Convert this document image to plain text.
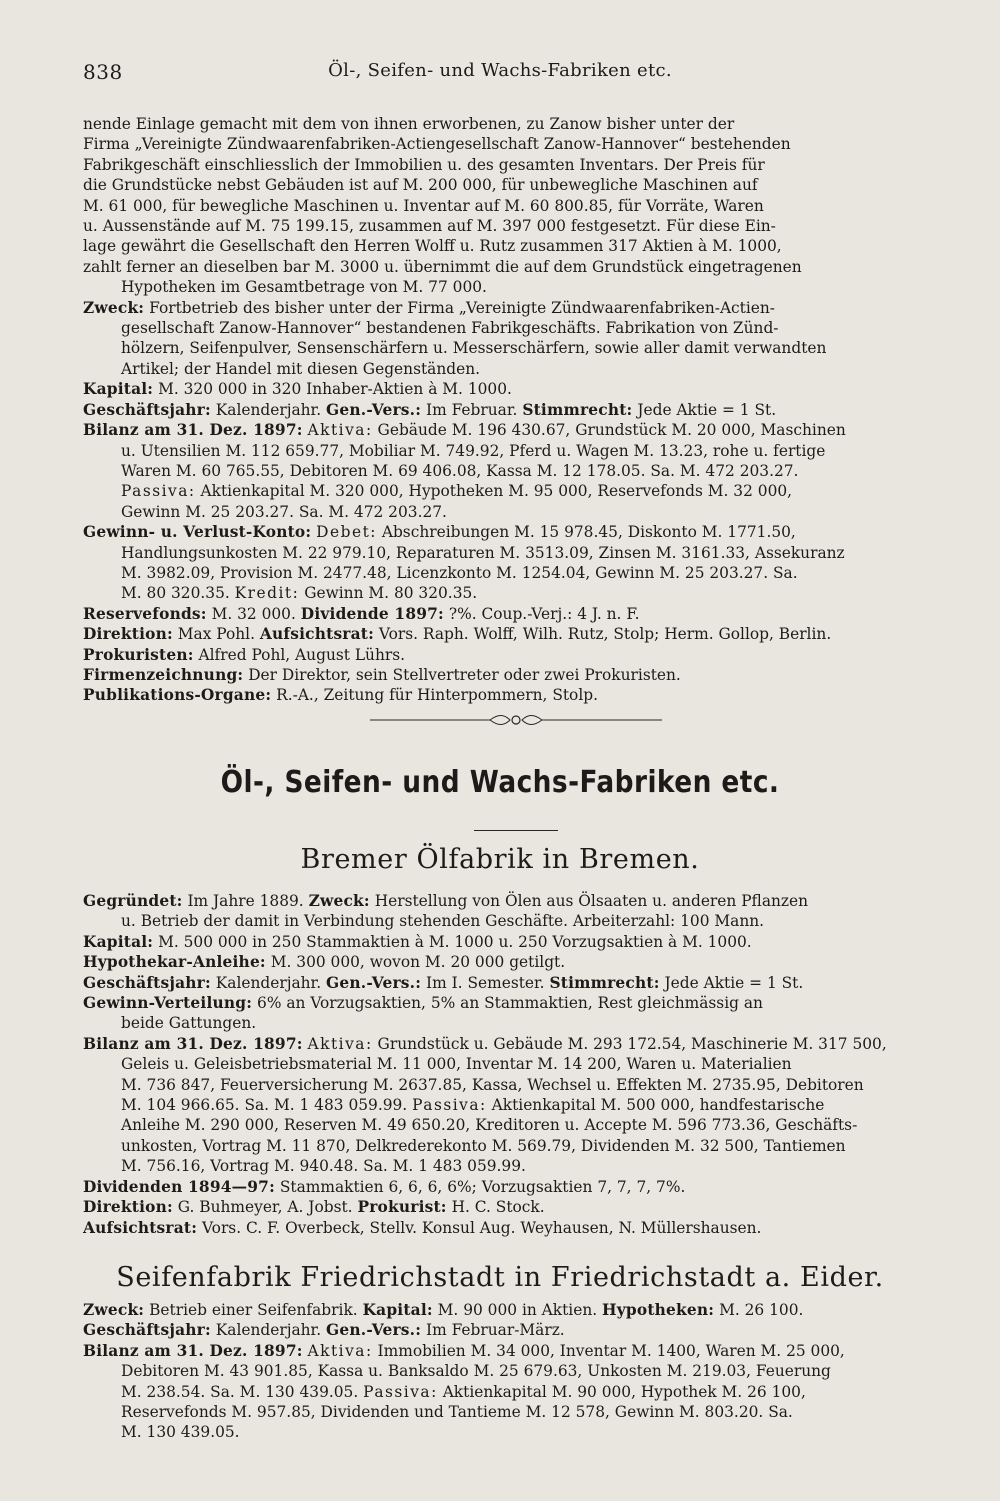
838	Öl-, Seifen- und Wachs-Fabriken etc.

nende Einlage gemacht mit dem von ihnen erworbenen, zu Zanow bisher unter der

Firma „Vereinigte Zündwaarenfabriken-Actiengesellschaft Zanow-Hannover“ bestehenden

Fabrikgeschäft einschliesslich der Immobilien u. des gesamten Inventars. Der Preis für

die Grundstücke nebst Gebäuden ist auf M. 200 000, für unbewegliche Maschinen auf

M. 61 000, für bewegliche Maschinen u. Inventar auf M. 60 800.85, für Vorräte, Waren

u. Aussenstände auf M. 75 199.15, zusammen auf M. 397 000 festgesetzt. Für diese Ein-

lage gewährt die Gesellschaft den Herren Wolff u. Rutz zusammen 317 Aktien à M. 1000,

zahlt ferner an dieselben bar M. 3000 u. übernimmt die auf dem Grundstück eingetragenen

Hypotheken im Gesamtbetrage von M. 77 000.

Zweck: Fortbetrieb des bisher unter der Firma „Vereinigte Zündwaarenfabriken-Actien-

gesellschaft Zanow-Hannover“ bestandenen Fabrikgeschäfts. Fabrikation von Zünd-

hölzern, Seifenpulver, Sensenschärfern u. Messerschärfern, sowie aller damit verwandten

Artikel; der Handel mit diesen Gegenständen.

Kapital: M. 320 000 in 320 Inhaber-Aktien à M. 1000.

Geschäftsjahr: Kalenderjahr. Gen.-Vers.: Im Februar. Stimmrecht: Jede Aktie = 1 St.

Bilanz am 31. Dez. 1897: Aktiva: Gebäude M. 196 430.67, Grundstück M. 20 000, Maschinen

u. Utensilien M. 112 659.77, Mobiliar M. 749.92, Pferd u. Wagen M. 13.23, rohe u. fertige

Waren M. 60 765.55, Debitoren M. 69 406.08, Kassa M. 12 178.05. Sa. M. 472 203.27.

Passiva: Aktienkapital M. 320 000, Hypotheken M. 95 000, Reservefonds M. 32 000,

Gewinn M. 25 203.27. Sa. M. 472 203.27.

Gewinn- u. Verlust-Konto: Debet: Abschreibungen M. 15 978.45, Diskonto M. 1771.50,

Handlungsunkosten M. 22 979.10, Reparaturen M. 3513.09, Zinsen M. 3161.33, Assekuranz

M. 3982.09, Provision M. 2477.48, Licenzkonto M. 1254.04, Gewinn M. 25 203.27. Sa.

M. 80 320.35. Kredit: Gewinn M. 80 320.35.

Reservefonds: M. 32 000. Dividende 1897: ?%. Coup.-Verj.: 4 J. n. F.

Direktion: Max Pohl. Aufsichtsrat: Vors. Raph. Wolff, Wilh. Rutz, Stolp; Herm. Gollop, Berlin.

Prokuristen: Alfred Pohl, August Lührs.

Firmenzeichnung: Der Direktor, sein Stellvertreter oder zwei Prokuristen.

Publikations-Organe: R.-A., Zeitung für Hinterpommern, Stolp.

Öl-, Seifen- und Wachs-Fabriken etc.
Bremer Ölfabrik in Bremen.

Gegründet: Im Jahre 1889. Zweck: Herstellung von Ölen aus Ölsaaten u. anderen Pflanzen

u. Betrieb der damit in Verbindung stehenden Geschäfte. Arbeiterzahl: 100 Mann.

Kapital: M. 500 000 in 250 Stammaktien à M. 1000 u. 250 Vorzugsaktien à M. 1000.

Hypothekar-Anleihe: M. 300 000, wovon M. 20 000 getilgt.

Geschäftsjahr: Kalenderjahr. Gen.-Vers.: Im I. Semester. Stimmrecht: Jede Aktie = 1 St.

Gewinn-Verteilung: 6% an Vorzugsaktien, 5% an Stammaktien, Rest gleichmässig an

beide Gattungen.

Bilanz am 31. Dez. 1897: Aktiva: Grundstück u. Gebäude M. 293 172.54, Maschinerie M. 317 500,

Geleis u. Geleisbetriebsmaterial M. 11 000, Inventar M. 14 200, Waren u. Materialien

M. 736 847, Feuerversicherung M. 2637.85, Kassa, Wechsel u. Effekten M. 2735.95, Debitoren

M. 104 966.65. Sa. M. 1 483 059.99. Passiva: Aktienkapital M. 500 000, handfestarische

Anleihe M. 290 000, Reserven M. 49 650.20, Kreditoren u. Accepte M. 596 773.36, Geschäfts-

unkosten, Vortrag M. 11 870, Delkrederekonto M. 569.79, Dividenden M. 32 500, Tantiemen

M. 756.16, Vortrag M. 940.48. Sa. M. 1 483 059.99.

Dividenden 1894—97: Stammaktien 6, 6, 6, 6%; Vorzugsaktien 7, 7, 7, 7%.

Direktion: G. Buhmeyer, A. Jobst. Prokurist: H. C. Stock.

Aufsichtsrat: Vors. C. F. Overbeck, Stellv. Konsul Aug. Weyhausen, N. Müllershausen.

Seifenfabrik Friedrichstadt in Friedrichstadt a. Eider.

Zweck: Betrieb einer Seifenfabrik. Kapital: M. 90 000 in Aktien. Hypotheken: M. 26 100.

Geschäftsjahr: Kalenderjahr. Gen.-Vers.: Im Februar-März.

Bilanz am 31. Dez. 1897: Aktiva: Immobilien M. 34 000, Inventar M. 1400, Waren M. 25 000,

Debitoren M. 43 901.85, Kassa u. Banksaldo M. 25 679.63, Unkosten M. 219.03, Feuerung

M. 238.54. Sa. M. 130 439.05. Passiva: Aktienkapital M. 90 000, Hypothek M. 26 100,

Reservefonds M. 957.85, Dividenden und Tantieme M. 12 578, Gewinn M. 803.20. Sa.

M. 130 439.05.
